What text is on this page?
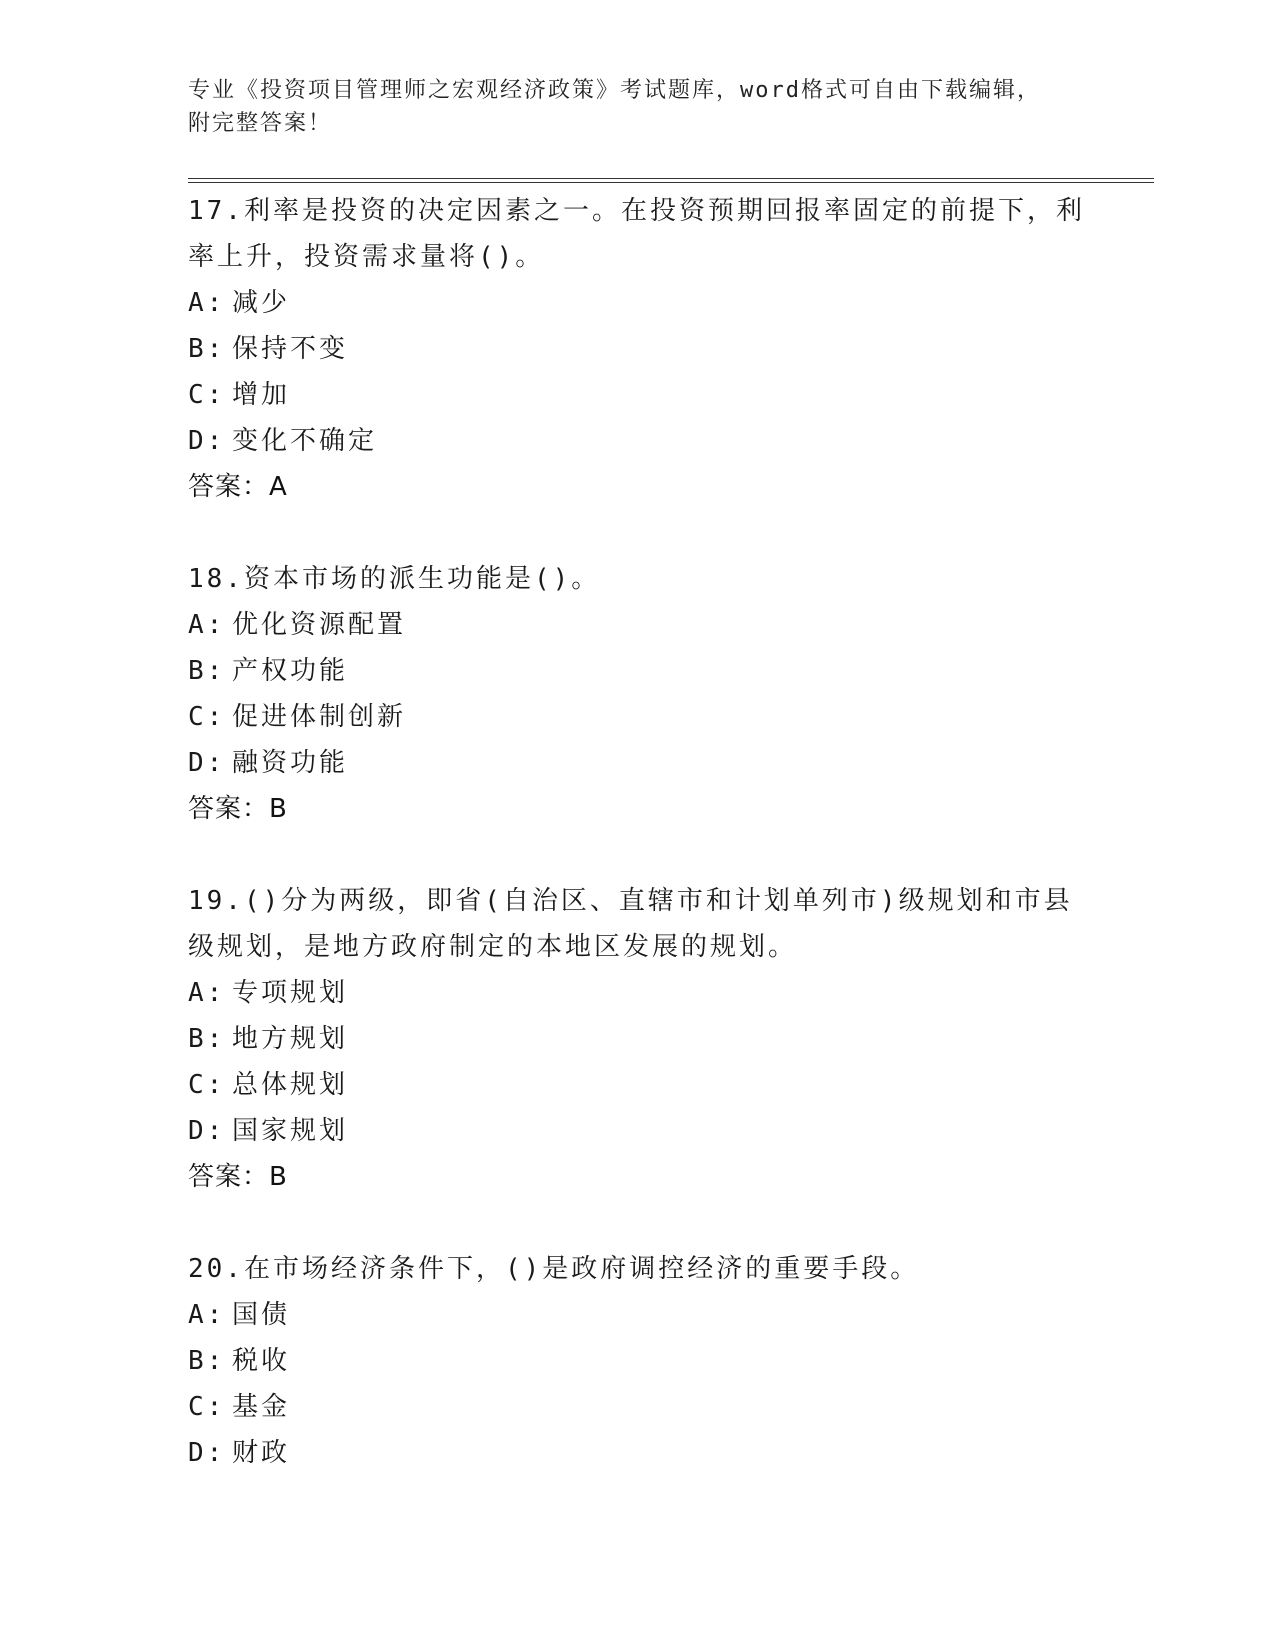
专业《投资项目管理师之宏观经济政策》考试题库，word格式可自由下载编辑，
附完整答案！
17.利率是投资的决定因素之一。在投资预期回报率固定的前提下，利率上升，投资需求量将()。
A: 减少
B: 保持不变
C: 增加
D: 变化不确定
答案：A
18.资本市场的派生功能是()。
A: 优化资源配置
B: 产权功能
C: 促进体制创新
D: 融资功能
答案：B
19.()分为两级，即省(自治区、直辖市和计划单列市)级规划和市县级规划，是地方政府制定的本地区发展的规划。
A: 专项规划
B: 地方规划
C: 总体规划
D: 国家规划
答案：B
20.在市场经济条件下，()是政府调控经济的重要手段。
A: 国债
B: 税收
C: 基金
D: 财政
